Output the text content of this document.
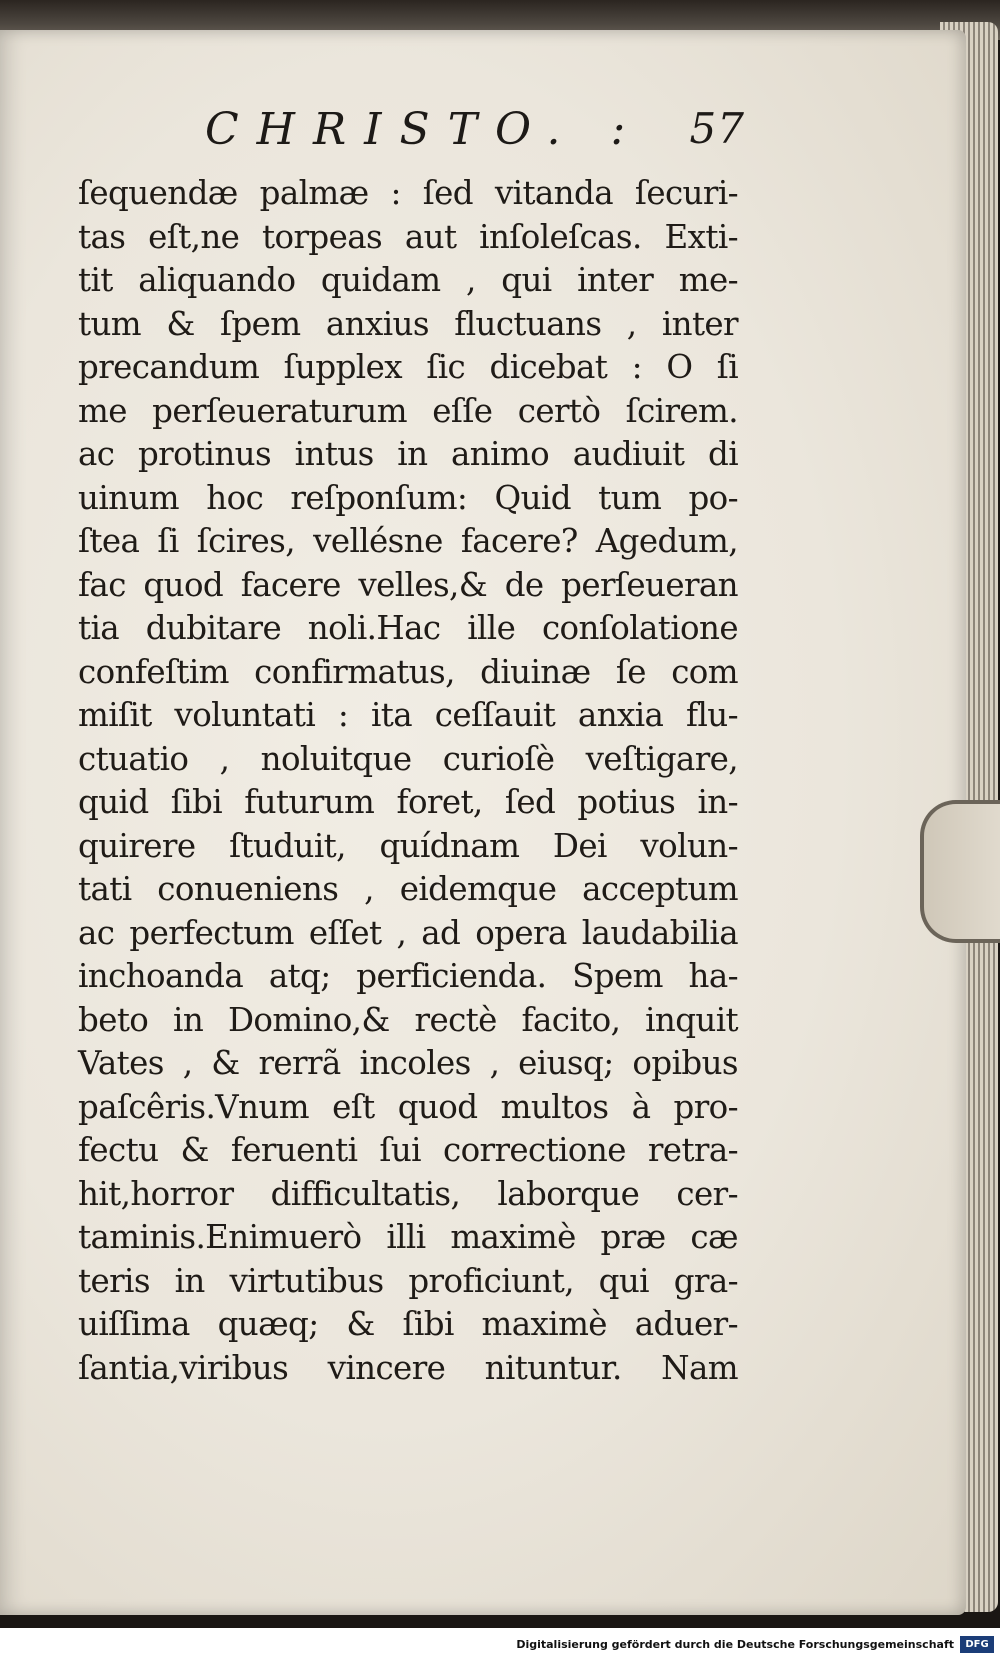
CHRISTO. : 57
ſequendæ palmæ : ſed vitanda ſecuri-
tas eſt,ne torpeas aut inſoleſcas. Exti-
tit aliquando quidam , qui inter me-
tum & ſpem anxius fluctuans , inter
precandum ſupplex ſic dicebat : O ſi
me perſeueraturum eſſe certò ſcirem.
ac protinus intus in animo audiuit di
uinum hoc reſponſum: Quid tum po-
ſtea ſi ſcires, vellésne facere? Agedum,
fac quod facere velles,& de perſeueran
tia dubitare noli.Hac ille conſolatione
confeſtim confirmatus, diuinæ ſe com
miſit voluntati : ita ceſſauit anxia flu-
ctuatio , noluitque curioſè veſtigare,
quid ſibi futurum foret, ſed potius in-
quirere ſtuduit, quídnam Dei volun-
tati conueniens , eidemque acceptum
ac perfectum eſſet , ad opera laudabilia
inchoanda atq; perficienda. Spem ha-
beto in Domino,& rectè facito, inquit
Vates , & rerrã incoles , eiusq; opibus
paſcêris.Vnum eſt quod multos à pro-
fectu & feruenti ſui correctione retra-
hit,horror difficultatis, laborque cer-
taminis.Enimuerò illi maximè præ cæ
teris in virtutibus proficiunt, qui gra-
uiſſima quæq; & ſibi maximè aduer-
ſantia,viribus vincere nituntur. Nam
Digitalisierung gefördert durch die Deutsche Forschungsgemeinschaft	DFG
